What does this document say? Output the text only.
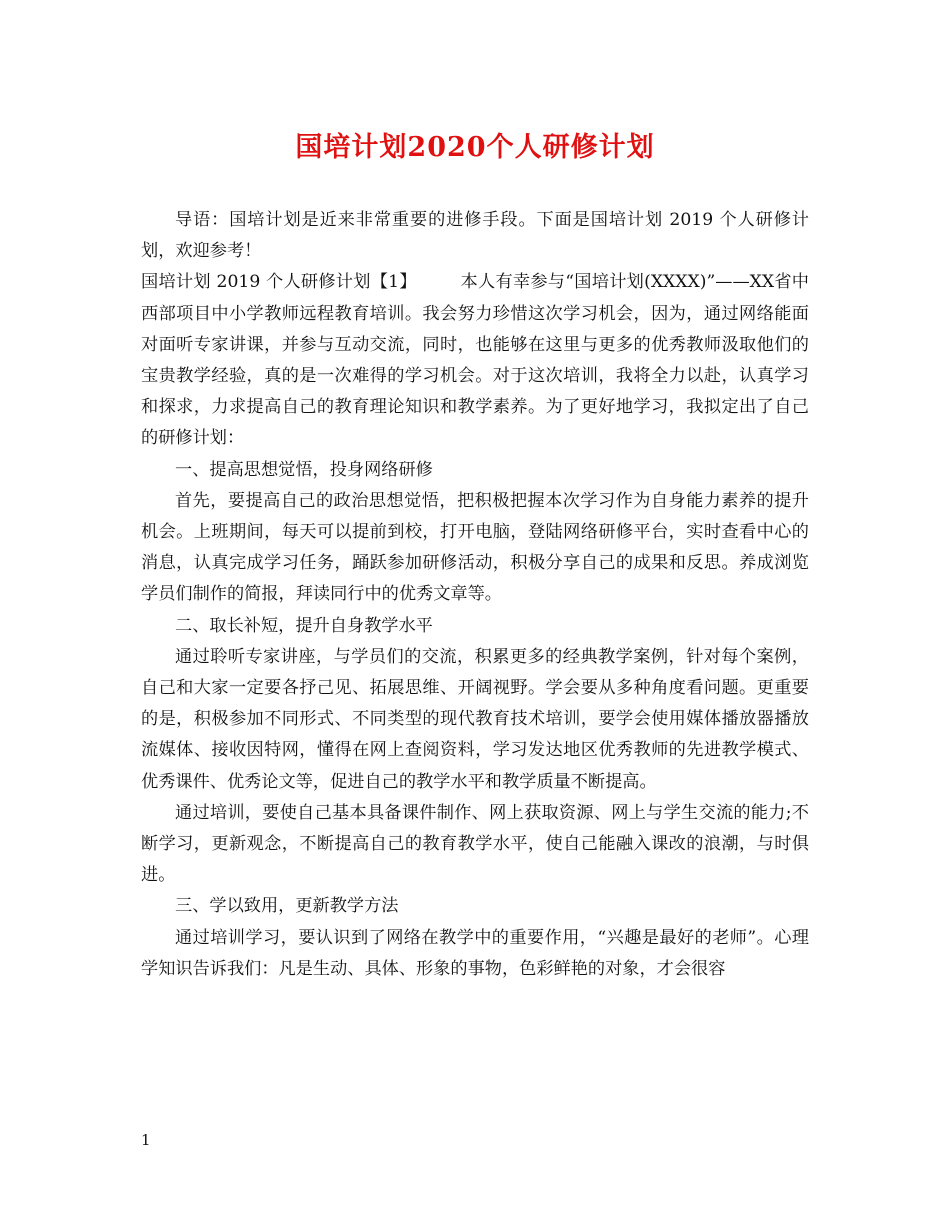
国培计划2020个人研修计划

导语：国培计划是近来非常重要的进修手段。下面是国培计划 2019 个人研修计划，欢迎参考！

国培计划 2019 个人研修计划【1】　　　本人有幸参与“国培计划(XXXX)”——XX省中西部项目中小学教师远程教育培训。我会努力珍惜这次学习机会，因为，通过网络能面对面听专家讲课，并参与互动交流，同时，也能够在这里与更多的优秀教师汲取他们的宝贵教学经验，真的是一次难得的学习机会。对于这次培训，我将全力以赴，认真学习和探求，力求提高自己的教育理论知识和教学素养。为了更好地学习，我拟定出了自己的研修计划：

一、提高思想觉悟，投身网络研修

首先，要提高自己的政治思想觉悟，把积极把握本次学习作为自身能力素养的提升机会。上班期间，每天可以提前到校，打开电脑，登陆网络研修平台，实时查看中心的消息，认真完成学习任务，踊跃参加研修活动，积极分享自己的成果和反思。养成浏览学员们制作的简报，拜读同行中的优秀文章等。

二、取长补短，提升自身教学水平

通过聆听专家讲座，与学员们的交流，积累更多的经典教学案例，针对每个案例，自己和大家一定要各抒己见、拓展思维、开阔视野。学会要从多种角度看问题。更重要的是，积极参加不同形式、不同类型的现代教育技术培训，要学会使用媒体播放器播放流媒体、接收因特网，懂得在网上查阅资料，学习发达地区优秀教师的先进教学模式、优秀课件、优秀论文等，促进自己的教学水平和教学质量不断提高。

通过培训，要使自己基本具备课件制作、网上获取资源、网上与学生交流的能力;不断学习，更新观念，不断提高自己的教育教学水平，使自己能融入课改的浪潮，与时俱进。

三、学以致用，更新教学方法

通过培训学习，要认识到了网络在教学中的重要作用，“兴趣是最好的老师”。心理学知识告诉我们：凡是生动、具体、形象的事物，色彩鲜艳的对象，才会很容

1
